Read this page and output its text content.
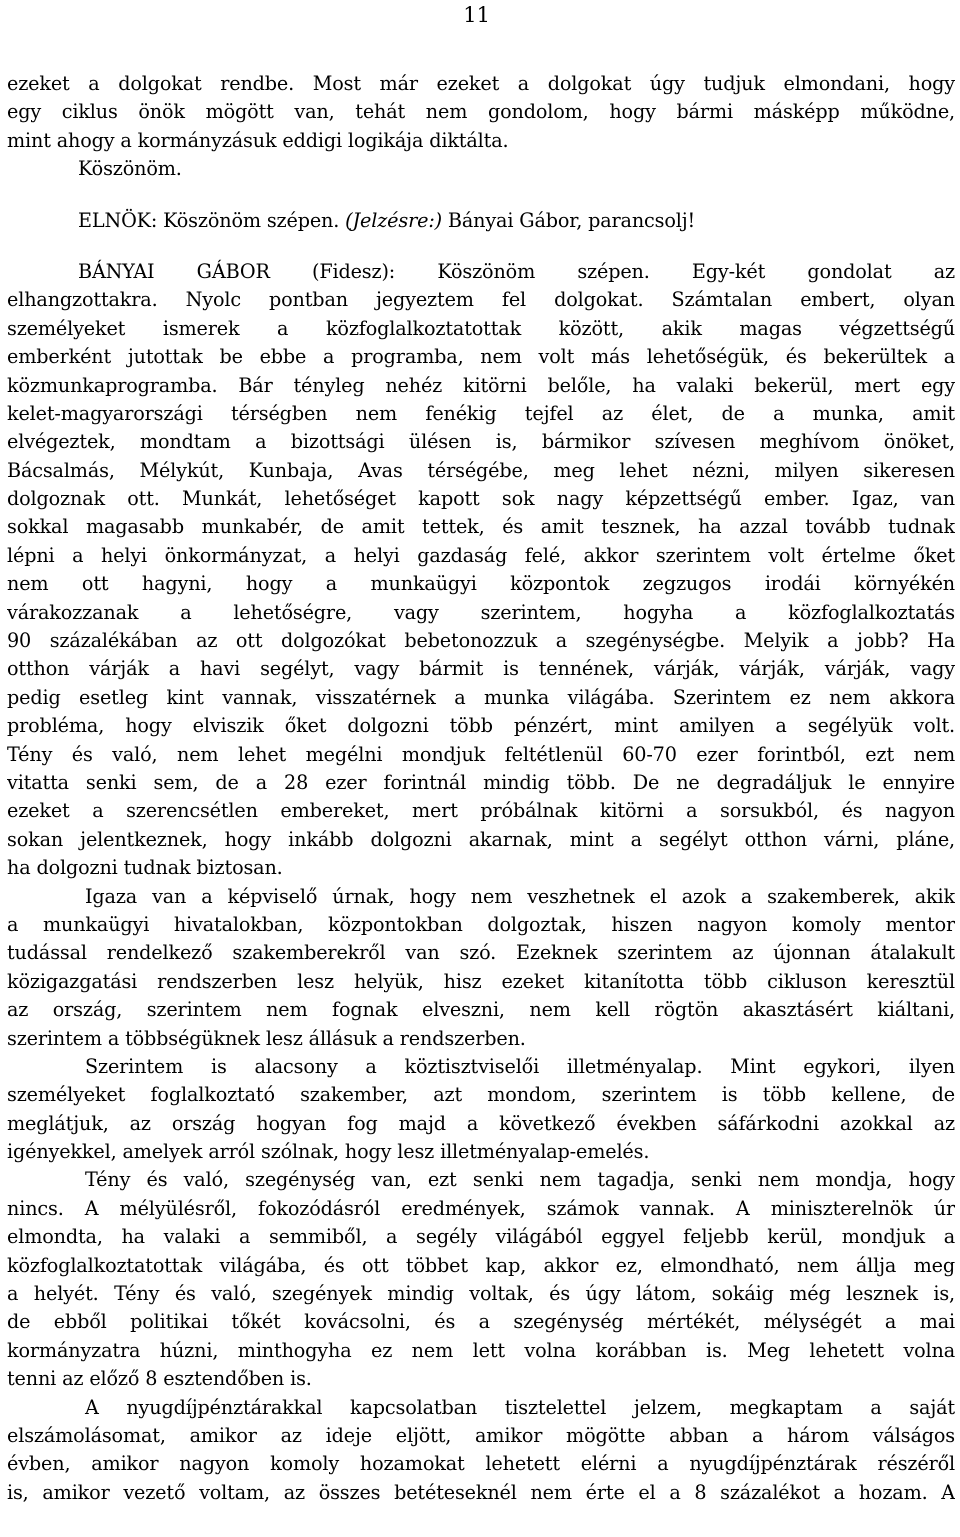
11
ezeket a dolgokat rendbe. Most már ezeket a dolgokat úgy tudjuk elmondani, hogy
egy ciklus önök mögött van, tehát nem gondolom, hogy bármi másképp működne,
mint ahogy a kormányzásuk eddigi logikája diktálta.
Köszönöm.
ELNÖK: Köszönöm szépen. (Jelzésre:) Bányai Gábor, parancsolj!
BÁNYAI GÁBOR (Fidesz): Köszönöm szépen. Egy-két gondolat az
elhangzottakra. Nyolc pontban jegyeztem fel dolgokat. Számtalan embert, olyan
személyeket ismerek a közfoglalkoztatottak között, akik magas végzettségű
emberként jutottak be ebbe a programba, nem volt más lehetőségük, és bekerültek a
közmunkaprogramba. Bár tényleg nehéz kitörni belőle, ha valaki bekerül, mert egy
kelet-magyarországi térségben nem fenékig tejfel az élet, de a munka, amit
elvégeztek, mondtam a bizottsági ülésen is, bármikor szívesen meghívom önöket,
Bácsalmás, Mélykút, Kunbaja, Avas térségébe, meg lehet nézni, milyen sikeresen
dolgoznak ott. Munkát, lehetőséget kapott sok nagy képzettségű ember. Igaz, van
sokkal magasabb munkabér, de amit tettek, és amit tesznek, ha azzal tovább tudnak
lépni a helyi önkormányzat, a helyi gazdaság felé, akkor szerintem volt értelme őket
nem ott hagyni, hogy a munkaügyi központok zegzugos irodái környékén
várakozzanak a lehetőségre, vagy szerintem, hogyha a közfoglalkoztatás
90 százalékában az ott dolgozókat bebetonozzuk a szegénységbe. Melyik a jobb? Ha
otthon várják a havi segélyt, vagy bármit is tennének, várják, várják, várják, vagy
pedig esetleg kint vannak, visszatérnek a munka világába. Szerintem ez nem akkora
probléma, hogy elviszik őket dolgozni több pénzért, mint amilyen a segélyük volt.
Tény és való, nem lehet megélni mondjuk feltétlenül 60-70 ezer forintból, ezt nem
vitatta senki sem, de a 28 ezer forintnál mindig több. De ne degradáljuk le ennyire
ezeket a szerencsétlen embereket, mert próbálnak kitörni a sorsukból, és nagyon
sokan jelentkeznek, hogy inkább dolgozni akarnak, mint a segélyt otthon várni, pláne,
ha dolgozni tudnak biztosan.
Igaza van a képviselő úrnak, hogy nem veszhetnek el azok a szakemberek, akik
a munkaügyi hivatalokban, központokban dolgoztak, hiszen nagyon komoly mentor
tudással rendelkező szakemberekről van szó. Ezeknek szerintem az újonnan átalakult
közigazgatási rendszerben lesz helyük, hisz ezeket kitanította több cikluson keresztül
az ország, szerintem nem fognak elveszni, nem kell rögtön akasztásért kiáltani,
szerintem a többségüknek lesz állásuk a rendszerben.
Szerintem is alacsony a köztisztviselői illetményalap. Mint egykori, ilyen
személyeket foglalkoztató szakember, azt mondom, szerintem is több kellene, de
meglátjuk, az ország hogyan fog majd a következő években sáfárkodni azokkal az
igényekkel, amelyek arról szólnak, hogy lesz illetményalap-emelés.
Tény és való, szegénység van, ezt senki nem tagadja, senki nem mondja, hogy
nincs. A mélyülésről, fokozódásról eredmények, számok vannak. A miniszterelnök úr
elmondta, ha valaki a semmiből, a segély világából eggyel feljebb kerül, mondjuk a
közfoglalkoztatottak világába, és ott többet kap, akkor ez, elmondható, nem állja meg
a helyét. Tény és való, szegények mindig voltak, és úgy látom, sokáig még lesznek is,
de ebből politikai tőkét kovácsolni, és a szegénység mértékét, mélységét a mai
kormányzatra húzni, minthogyha ez nem lett volna korábban is. Meg lehetett volna
tenni az előző 8 esztendőben is.
A nyugdíjpénztárakkal kapcsolatban tisztelettel jelzem, megkaptam a saját
elszámolásomat, amikor az ideje eljött, amikor mögötte abban a három válságos
évben, amikor nagyon komoly hozamokat lehetett elérni a nyugdíjpénztárak részéről
is, amikor vezető voltam, az összes betéteseknél nem érte el a 8 százalékot a hozam. A
